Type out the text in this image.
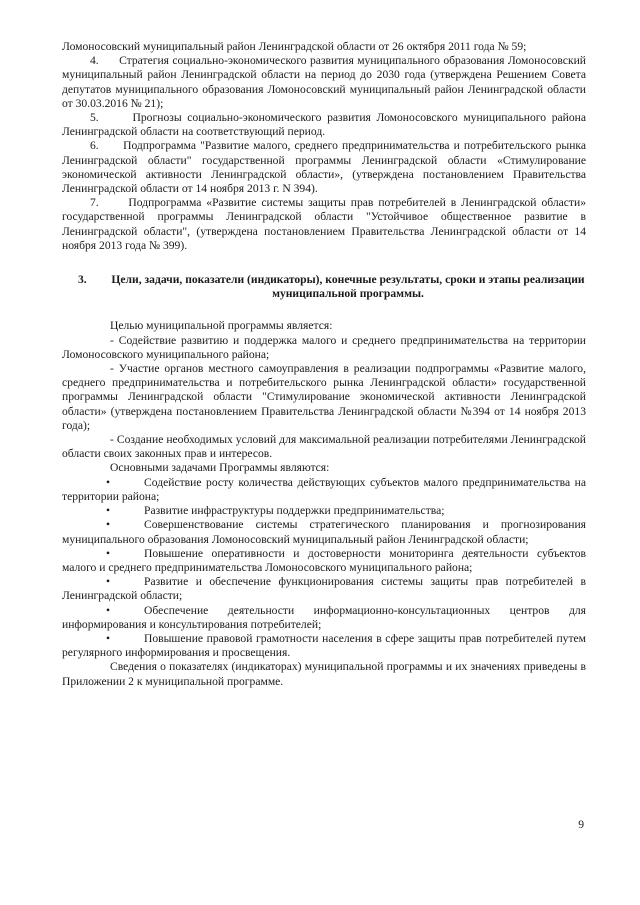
Ломоносовский муниципальный район Ленинградской области от 26 октября 2011 года № 59;

4.      Стратегия социально-экономического развития муниципального образования Ломоносовский муниципальный район Ленинградской области на период до 2030 года (утверждена Решением Совета депутатов муниципального образования Ломоносовский муниципальный район Ленинградской области от 30.03.2016 № 21);

5.      Прогнозы социально-экономического развития Ломоносовского муниципального района Ленинградской области на соответствующий период.

6.      Подпрограмма "Развитие малого, среднего предпринимательства и потребительского рынка Ленинградской области" государственной программы Ленинградской области «Стимулирование экономической активности Ленинградской области», (утверждена постановлением Правительства Ленинградской области от 14 ноября 2013 г. N 394).

7.      Подпрограмма «Развитие системы защиты прав потребителей в Ленинградской области» государственной программы Ленинградской области "Устойчивое общественное развитие в Ленинградской области", (утверждена постановлением Правительства Ленинградской области от 14 ноября 2013 года № 399).

3.	Цели, задачи, показатели (индикаторы), конечные результаты, сроки и этапы реализации муниципальной программы.

Целью муниципальной программы является:

- Содействие развитию и поддержка малого и среднего предпринимательства на территории Ломоносовского муниципального района;

- Участие органов местного самоуправления в реализации подпрограммы «Развитие малого, среднего предпринимательства и потребительского рынка Ленинградской области» государственной программы Ленинградской области "Стимулирование экономической активности Ленинградской области» (утверждена постановлением Правительства Ленинградской области №394 от 14 ноября 2013 года);

- Создание необходимых условий для максимальной реализации потребителями Ленинградской области своих законных прав и интересов.

Основными задачами Программы являются:

•	Содействие росту количества действующих субъектов малого предпринимательства на территории района;

•	Развитие инфраструктуры поддержки предпринимательства;

•	Совершенствование системы стратегического планирования и прогнозирования муниципального образования Ломоносовский муниципальный район Ленинградской области;

•	Повышение оперативности и достоверности мониторинга деятельности субъектов малого и среднего предпринимательства Ломоносовского муниципального района;

•	Развитие и обеспечение функционирования системы защиты прав потребителей в Ленинградской области;

•	Обеспечение деятельности информационно-консультационных центров для информирования и консультирования потребителей;

•	Повышение правовой грамотности населения в сфере защиты прав потребителей путем регулярного информирования и просвещения.

Сведения о показателях (индикаторах) муниципальной программы и их значениях приведены в Приложении 2 к муниципальной программе.

9
